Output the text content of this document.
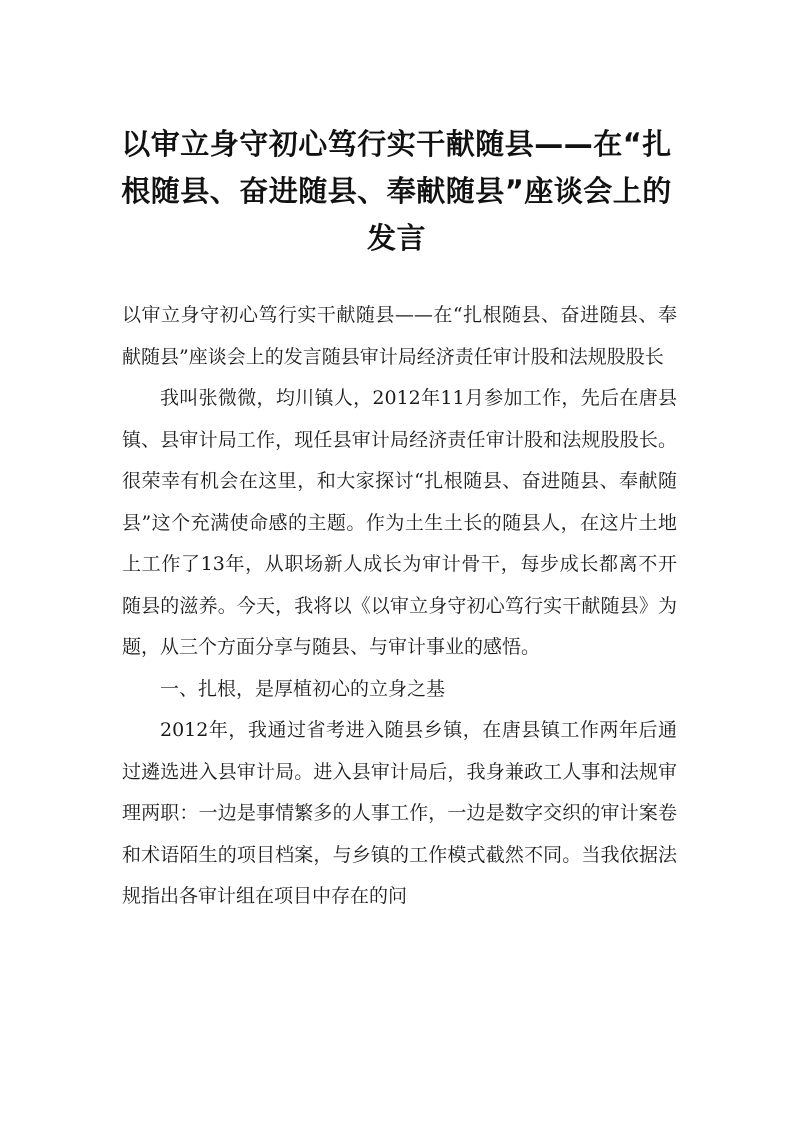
以审立身守初心笃行实干献随县——在“扎根随县、奋进随县、奉献随县”座谈会上的发言

以审立身守初心笃行实干献随县——在“扎根随县、奋进随县、奉献随县”座谈会上的发言随县审计局经济责任审计股和法规股股长

我叫张微微，均川镇人，2012年11月参加工作，先后在唐县镇、县审计局工作，现任县审计局经济责任审计股和法规股股长。很荣幸有机会在这里，和大家探讨“扎根随县、奋进随县、奉献随县”这个充满使命感的主题。作为土生土长的随县人，在这片土地上工作了13年，从职场新人成长为审计骨干，每步成长都离不开随县的滋养。今天，我将以《以审立身守初心笃行实干献随县》为题，从三个方面分享与随县、与审计事业的感悟。

一、扎根，是厚植初心的立身之基

2012年，我通过省考进入随县乡镇，在唐县镇工作两年后通过遴选进入县审计局。进入县审计局后，我身兼政工人事和法规审理两职：一边是事情繁多的人事工作，一边是数字交织的审计案卷和术语陌生的项目档案，与乡镇的工作模式截然不同。当我依据法规指出各审计组在项目中存在的问
